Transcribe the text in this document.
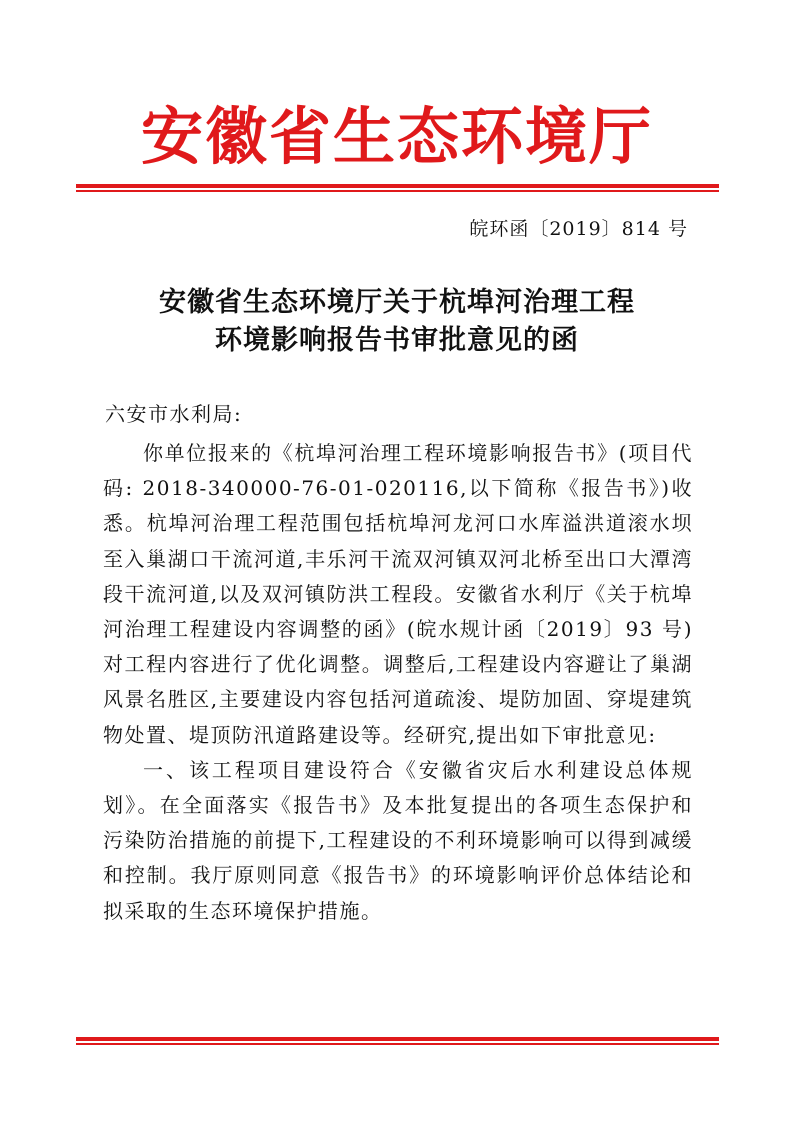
安徽省生态环境厅
皖环函〔2019〕814 号
安徽省生态环境厅关于杭埠河治理工程
环境影响报告书审批意见的函
六安市水利局:

你单位报来的《杭埠河治理工程环境影响报告书》(项目代码: 2018-340000-76-01-020116,以下简称《报告书》)收悉。杭埠河治理工程范围包括杭埠河龙河口水库溢洪道滚水坝至入巢湖口干流河道,丰乐河干流双河镇双河北桥至出口大潭湾段干流河道,以及双河镇防洪工程段。安徽省水利厅《关于杭埠河治理工程建设内容调整的函》(皖水规计函〔2019〕93 号)对工程内容进行了优化调整。调整后,工程建设内容避让了巢湖风景名胜区,主要建设内容包括河道疏浚、堤防加固、穿堤建筑物处置、堤顶防汛道路建设等。经研究,提出如下审批意见:

一、该工程项目建设符合《安徽省灾后水利建设总体规划》。在全面落实《报告书》及本批复提出的各项生态保护和污染防治措施的前提下,工程建设的不利环境影响可以得到减缓和控制。我厅原则同意《报告书》的环境影响评价总体结论和拟采取的生态环境保护措施。
